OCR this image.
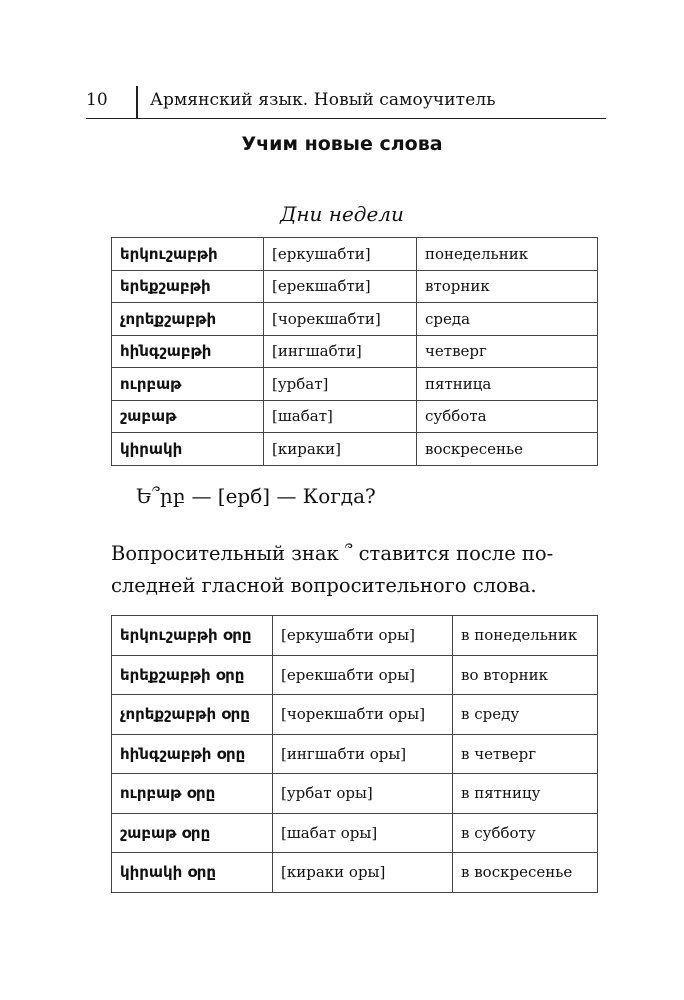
10 Армянский язык. Новый самоучитель
Учим новые слова
Дни недели
երկուշաբթի	[еркушабти]	понедельник
երեքշաբթի	[ерекшабти]	вторник
չորեքշաբթի	[чорекшабти]	среда
հինգշաբթի	[ингшабти]	четверг
ուրբաթ	[урбат]	пятница
շաբաթ	[шабат]	суббота
կիրակի	[кираки]	воскресенье
Ե՞րբ — [ерб] — Когда?
Вопросительный знак ՞ ставится после по-
следней гласной вопросительного слова.
երկուշաբթի օրը	[еркушабти оры]	в понедельник
երեքշաբթի օրը	[ерекшабти оры]	во вторник
չորեքշաբթի օրը	[чорекшабти оры]	в среду
հինգշաբթի օրը	[ингшабти оры]	в четверг
ուրբաթ օրը	[урбат оры]	в пятницу
շաբաթ օրը	[шабат оры]	в субботу
կիրակի օրը	[кираки оры]	в воскресенье
